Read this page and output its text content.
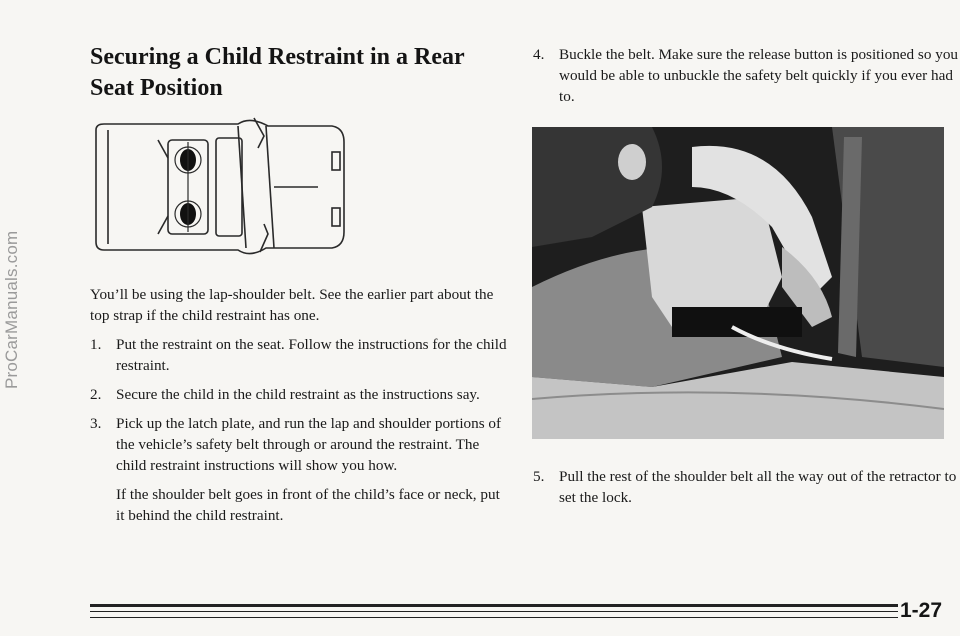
ProCarManuals.com
Securing a Child Restraint in a Rear Seat Position

You’ll be using the lap-shoulder belt. See the earlier part about the top strap if the child restraint has one.

1. Put the restraint on the seat. Follow the instructions for the child restraint.
2. Secure the child in the child restraint as the instructions say.
3. Pick up the latch plate, and run the lap and shoulder portions of the vehicle’s safety belt through or around the restraint. The child restraint instructions will show you how.

If the shoulder belt goes in front of the child’s face or neck, put it behind the child restraint.

4. Buckle the belt. Make sure the release button is positioned so you would be able to unbuckle the safety belt quickly if you ever had to.
5. Pull the rest of the shoulder belt all the way out of the retractor to set the lock.
1-27
